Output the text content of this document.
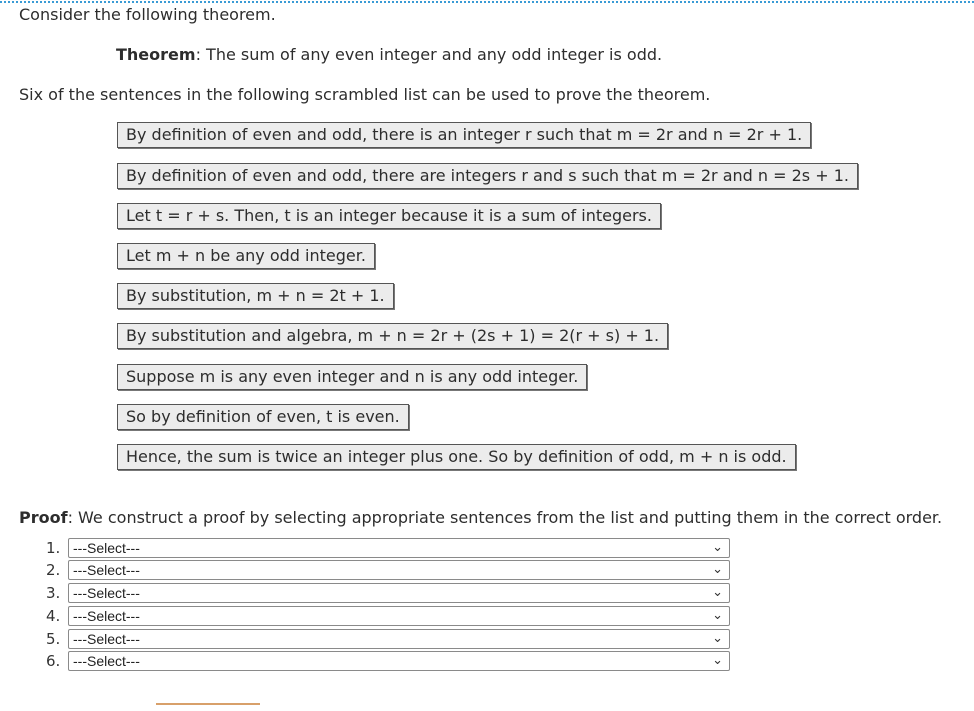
Consider the following theorem.
Theorem: The sum of any even integer and any odd integer is odd.
Six of the sentences in the following scrambled list can be used to prove the theorem.
By definition of even and odd, there is an integer r such that m = 2r and n = 2r + 1.
By definition of even and odd, there are integers r and s such that m = 2r and n = 2s + 1.
Let t = r + s. Then, t is an integer because it is a sum of integers.
Let m + n be any odd integer.
By substitution, m + n = 2t + 1.
By substitution and algebra, m + n = 2r + (2s + 1) = 2(r + s) + 1.
Suppose m is any even integer and n is any odd integer.
So by definition of even, t is even.
Hence, the sum is twice an integer plus one. So by definition of odd, m + n is odd.
Proof: We construct a proof by selecting appropriate sentences from the list and putting them in the correct order.
1. ---Select---	⌄
2. ---Select---	⌄
3. ---Select---	⌄
4. ---Select---	⌄
5. ---Select---	⌄
6. ---Select---	⌄
